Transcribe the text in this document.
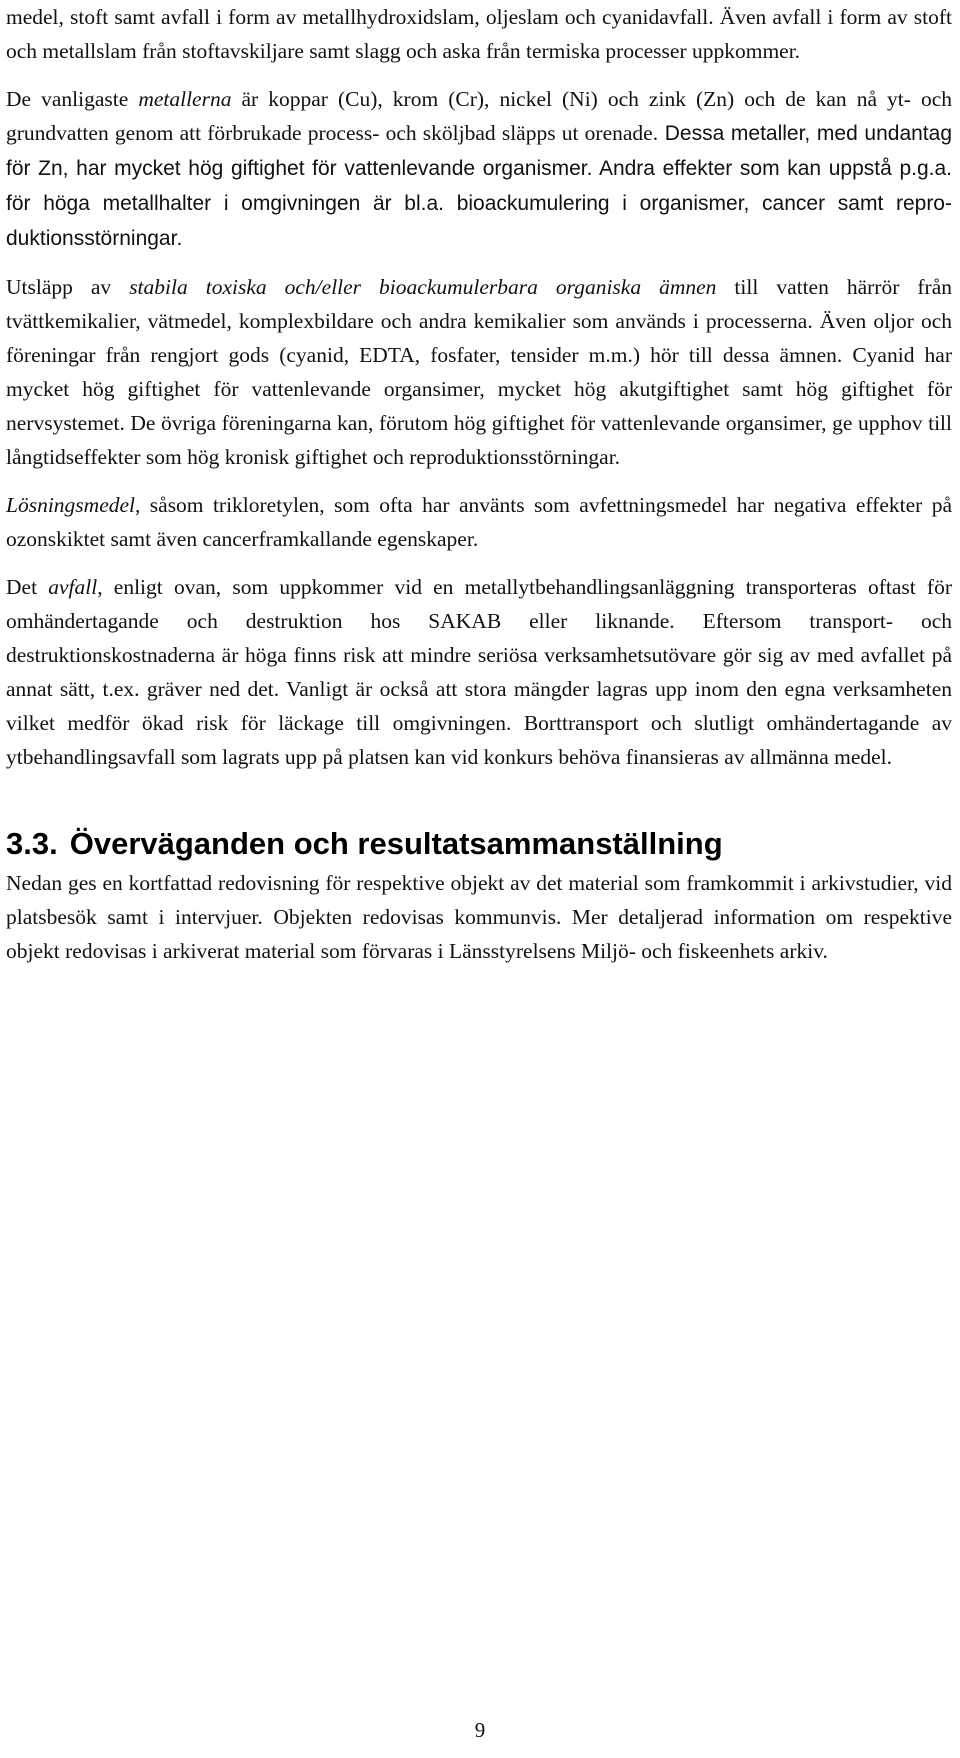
medel, stoft samt avfall i form av metallhydroxidslam, oljeslam och cyanidavfall. Även avfall i form av stoft och metallslam från stoftavskiljare samt slagg och aska från termiska processer uppkommer.

De vanligaste metallerna är koppar (Cu), krom (Cr), nickel (Ni) och zink (Zn) och de kan nå yt- och grundvatten genom att förbrukade process- och sköljbad släpps ut orenade. Dessa metaller, med undantag för Zn, har mycket hög giftighet för vattenlevande organismer. Andra effekter som kan uppstå p.g.a. för höga metallhalter i omgivningen är bl.a. bioackumulering i organismer, cancer samt reproduktionsstörningar.

Utsläpp av stabila toxiska och/eller bioackumulerbara organiska ämnen till vatten härrör från tvättkemikalier, vätmedel, komplexbildare och andra kemikalier som används i processerna. Även oljor och föreningar från rengjort gods (cyanid, EDTA, fosfater, tensider m.m.) hör till dessa ämnen. Cyanid har mycket hög giftighet för vattenlevande organsimer, mycket hög akutgiftighet samt hög giftighet för nervsystemet. De övriga föreningarna kan, förutom hög giftighet för vattenlevande organsimer, ge upphov till långtidseffekter som hög kronisk giftighet och reproduktionsstörningar.

Lösningsmedel, såsom trikloretylen, som ofta har använts som avfettningsmedel har negativa effekter på ozonskiktet samt även cancerframkallande egenskaper.

Det avfall, enligt ovan, som uppkommer vid en metallytbehandlingsanläggning transporteras oftast för omhändertagande och destruktion hos SAKAB eller liknande. Eftersom transport- och destruktionskostnaderna är höga finns risk att mindre seriösa verksamhetsutövare gör sig av med avfallet på annat sätt, t.ex. gräver ned det. Vanligt är också att stora mängder lagras upp inom den egna verksamheten vilket medför ökad risk för läckage till omgivningen. Borttransport och slutligt omhändertagande av ytbehandlingsavfall som lagrats upp på platsen kan vid konkurs behöva finansieras av allmänna medel.

3.3. Överväganden och resultatsammanställning

Nedan ges en kortfattad redovisning för respektive objekt av det material som framkommit i arkivstudier, vid platsbesök samt i intervjuer. Objekten redovisas kommunvis. Mer detaljerad information om respektive objekt redovisas i arkiverat material som förvaras i Länsstyrelsens Miljö- och fiskeenhets arkiv.

9
